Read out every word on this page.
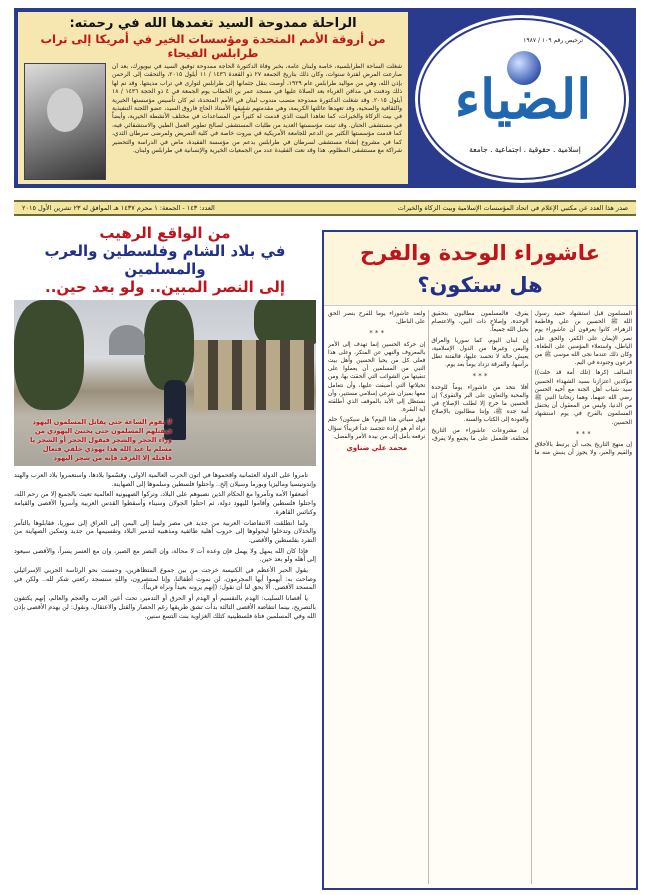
الراحلة ممدوحة السيد تغمدها الله في رحمته:
من أروقة الأمم المتحدة ومؤسسات الخير في أمريكا إلى تراب طرابلس الفيحاء
شغلت الساحة الطرابلسية، خاصة ولبنان عامة، بخبر وفاة الدكتورة الحاجة ممدوحة توفيق السيد في نيويورك، بعد أن صارعت المرض لفترة سنوات، وكان ذلك بتاريخ الجمعة ٢٧ ذو القعدة ١٤٣٦ / ١١ أيلول ٢٠١٥، والتحقت إلى الرحمن بإذن الله، وهي من مواليد طرابلس عام ١٩٢٩، أوصت بنقل جثمانها إلى طرابلس لتوارى في تراب مدينتها. وقد تم لها ذلك ودفنت في مدافن الغرباء بعد الصلاة عليها في مسجد عمر بن الخطاب يوم الجمعة في ٤ ذو الحجة ١٤٣٦ / ١٨ أيلول ٢٠١٥. وقد شغلت الدكتورة ممدوحة منصب مندوب لبنان في الأمم المتحدة، ثم كان تأسيس مؤسستها الخيرية والثقافية والصحية، وقد تعهدها عائلتها الكريمة، وهي مقدمتهم شقيقها الأستاذ الحاج فاروق السيد، عضو اللجنة التنفيذية في بيت الزكاة والخيرات، كما تعاهدا البيت الذي قدمت له كثيراً من المساعدات في مختلف الأنشطة الخيرية، وأيضاً في مستشفى الحنان. وقد تبنت مؤسستها العديد من طلبات المستشفى لصالح تطوير العمل الطبي والاستشفائي فيه، كما قدمت مؤسستها الكثير من الدعم للجامعة الأمريكية في بيروت خاصة في كلية التمريض ولمرضى سرطان الثدي، كما في مشروع إنشاء مستشفى لسرطان في طرابلس بدعم من مؤسسة الفقيدة، ماض في الدراسة والتحضير شراكة مع مستشفى المظلوم. هذا وقد نعت الفقيدة عدد من الجمعيات الخيرية والإنسانية في طرابلس ولبنان.
ترخيص رقم ١٠٩ / ١٩٨٧
الضياء
إسلامية . حقوقية . اجتماعية . جامعة
صدر هذا العدد عن مكتبي الإعلام في اتحاد المؤسسات الإسلامية وبيت الزكاة والخيرات
العدد: ١٤٣ - الجمعة: ١ محرم ١٤٣٧ هـ الموافق له ٢٣ تشرين الأول ٢٠١٥
من الواقع الرهيب
في بلاد الشام وفلسطين والعرب والمسلمين
إلى النصر المبين.. ولو بعد حين..
لا تقوم الساعة حتى يقاتل المسلمون اليهود فيقتلهم المسلمون حتى يختبئ اليهودي من وراء الحجر والشجر فيقول الحجر أو الشجر يا مسلم يا عبد الله هذا يهودي خلفي فتعال فاقتله إلا الغرقد فإنه من شجر اليهود

تآمروا على الدولة العثمانية وأقحموها في أتون الحرب العالمية الأولى، وقسّموا بلادها، واستعمروا بلاد العرب والهند وإندونيسيا وماليزيا وبورما وسيلان إلخ.. واحتلوا فلسطين وسلموها إلى الصهاينة.

أضعفوا الأمة وتآمروا مع الحكام الذين نصبوهم على البلاد، وتركوا الصهيونية العالمية تعيث بالجميع إلا من رحم الله، واحتلوا فلسطين وأقاموا لليهود دولة، ثم احتلوا الجولان وسيناء وأسقطوا القدس العربية وأسروا الأقصى والقيامة وكنائس القاهرة.

ولما انطلقت الانتفاضات العربية من جديد في مصر وليبيا إلى اليمن إلى العراق إلى سوريا، فقابلوها بالتآمر والخذلان وتدخلوا ليحولوها إلى حروب أهلية طائفية ومذهبية لتدمير البلاد وتقسيمها من جديد وتمكين الصهاينة من التفرد بفلسطين والأقصى.

فإذا كان الله يمهل ولا يهمل فإن وعده آت لا محالة، وإن النصر مع الصبر، وإن مع العسر يسراً، والأقصى سيعود إلى أهله ولو بعد حين.

يقول الحبر الأعظم في الكنيسة خرجت من بين جموع المتظاهرين، وحسنت نحو الرئاسة الحربي الإسرائيلي وصاحت به: أيهموا أيها المجرمون، لن نموت أطفالنا، وإنا لمنتصرون، واللهِ سنسجد ركعتي شكر لله.. ولكن في المسجد الأقصى. ألا يحق لنا أن نقول: (إنهم يرونه بعيداً ونراه قريباً).

يا أقصانا السليب: الهدم بالتقسيم أو الهدم أو الحرق أو التدمير، تحت أعين العرب والعجم والعالم، إنهم يكتفون بالتصريح، بينما انتفاضة الأقصى الثالثة بدأت تشق طريقها رغم الحصار والقتل والاعتقال، ونقول: لن يهدم الأقصى بإذن الله وفي المسلمين فتاة فلسطينية كتلك الغزاوية بنت التسع سنين.

عاشوراء الوحدة والفرح
هل ستكون؟

المسلمون قبل استشهاد حفيد رسول الله ﷺ الحسين بن علي وفاطمة الزهراء، كانوا يعرفون أن عاشوراء يوم نصر الإيمان على الكفر، والحق على الباطل، واستعلاء المؤمنين على الطغاة. وكان ذلك عندما نجى الله موسى ﷺ من فرعون وجنوده في اليم.

السالف (كرها (تلك أمة قد خلت)) مؤكدين اعتزازنا بسيد الشهداء الحسين سيد شباب أهل الجنة مع أخيه الحسن رضي الله عنهما، وهما ريحانتا النبي ﷺ من الدنيا، وليس من المعقول أن يحتفل المسلمون بالفرح في يوم استشهاد الحسين.

* * *

إن منهج التاريخ يجب أن يرتبط بالأخلاق والقيم والعبر، ولا يجوز أن ينبش منه ما يفرق، فالمسلمون مطالبون بتحقيق الوحدة، وإصلاح ذات البين، والاعتصام بحبل الله جميعاً.

إن لبنان اليوم، كما سوريا والعراق واليمن وغيرها من الدول الإسلامية، يعيش حالة لا تحسد عليها، فالفتنة تطل برأسها، والفرقة تزداد يوماً بعد يوم.

* * *

أفلا نتخذ من عاشوراء يوماً للوحدة والمحبة والتعاون على البر والتقوى؟ إن الحسين ما خرج إلا لطلب الإصلاح في أمة جده ﷺ، وإننا مطالبون بالإصلاح والعودة إلى الكتاب والسنة.

إن مشروعات عاشوراء من التاريخ مختلفة، فلنعمل على ما يجمع ولا يفرق، ولنعد عاشوراء يوماً للفرح بنصر الحق على الباطل.

* * *

إن حركة الحسين إنما تهدف إلى الأمر بالمعروف والنهي عن المنكر، وعلى هذا فعلى كل من يحيا الحسين وأهل بيت النبي من المسلمين أن يعملوا على تنقيتها من الشوائب التي ألحقت بها، ومن تخيلاتها التي أضيفت عليها، وأن نتعامل معها بميزان شرعي إسلامي مستنير، وأن نستظل إلى الأبد بالموقف الذي أطلقته آية البقرة.

فهل سيأتي هذا اليوم؟ هل سيكون؟ حلم نراه أم هو إرادة تتجسد غداً قريباً؟ سؤال نرفعه بأمل إلى من بيده الأمر والفصل.

محمد علي ضناوي
